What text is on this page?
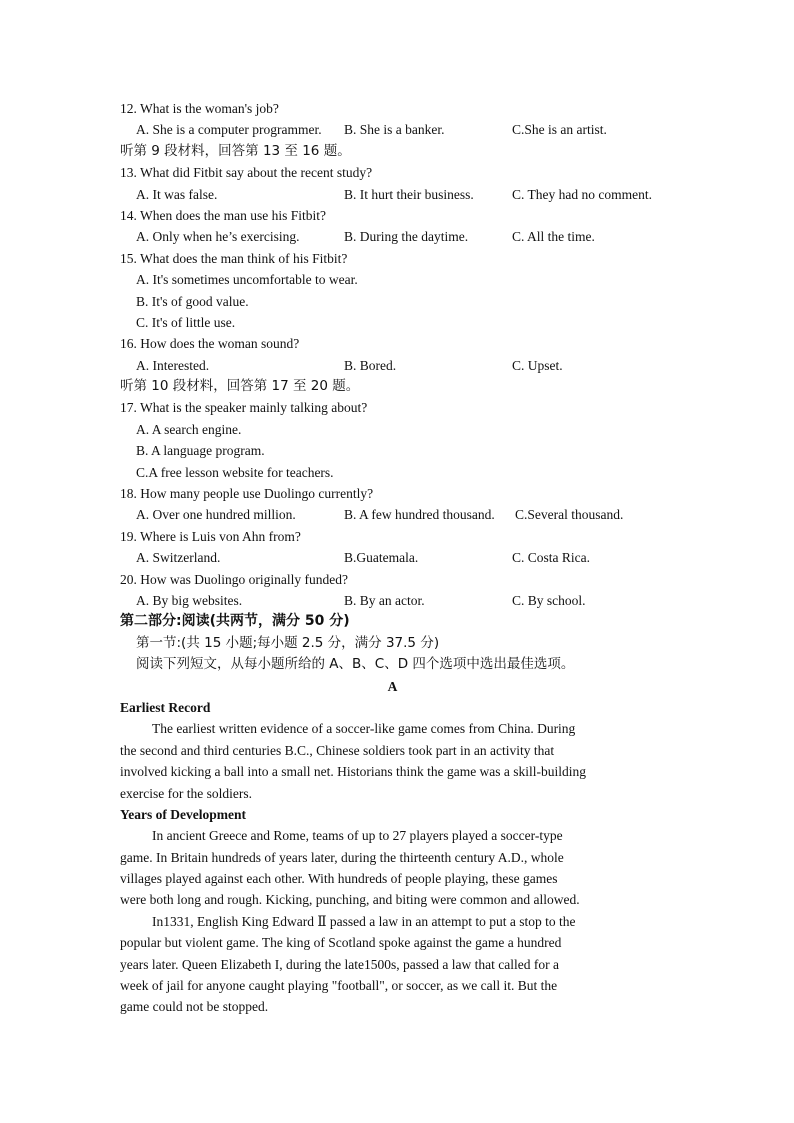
12. What is the woman's job?
A. She is a computer programmer. B. She is a banker.	C.She is an artist.
听第 9 段材料，回答第 13 至 16 题。
13. What did Fitbit say about the recent study?
A. It was false.	B. It hurt their business.	C. They had no comment.
14. When does the man use his Fitbit?
A. Only when he’s exercising.	B. During the daytime.	C. All the time.
15. What does the man think of his Fitbit?
A. It's sometimes uncomfortable to wear.
B. It's of good value.
C. It's of little use.
16. How does the woman sound?
A. Interested.	B. Bored.	C. Upset.
听第 10 段材料，回答第 17 至 20 题。
17. What is the speaker mainly talking about?
A. A search engine.
B. A language program.
C.A free lesson website for teachers.
18. How many people use Duolingo currently?
A. Over one hundred million.	B. A few hundred thousand. C.Several thousand.
19. Where is Luis von Ahn from?
A. Switzerland.	B.Guatemala.	C. Costa Rica.
20. How was Duolingo originally funded?
A. By big websites.	B. By an actor.	C. By school.
第二部分:阅读(共两节，满分 50 分)
第一节:(共 15 小题;每小题 2.5 分，满分 37.5 分)
阅读下列短文，从每小题所给的 A、B、C、D 四个选项中选出最佳选项。
A
Earliest Record
The earliest written evidence of a soccer-like game comes from China. During
the second and third centuries B.C., Chinese soldiers took part in an activity that
involved kicking a ball into a small net. Historians think the game was a skill-building
exercise for the soldiers.
Years of Development
In ancient Greece and Rome, teams of up to 27 players played a soccer-type
game. In Britain hundreds of years later, during the thirteenth century A.D., whole
villages played against each other. With hundreds of people playing, these games
were both long and rough. Kicking, punching, and biting were common and allowed.
In1331, English King Edward Ⅱ passed a law in an attempt to put a stop to the
popular but violent game. The king of Scotland spoke against the game a hundred
years later. Queen Elizabeth I, during the late1500s, passed a law that called for a
week of jail for anyone caught playing "football", or soccer, as we call it. But the
game could not be stopped.
